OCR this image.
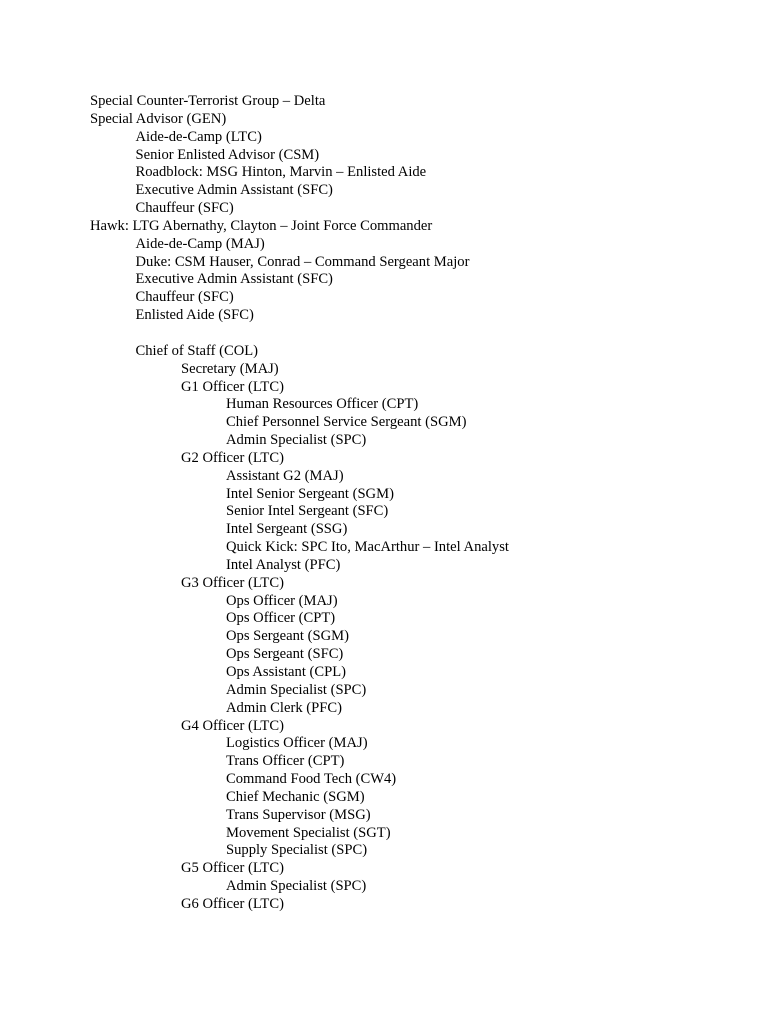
Special Counter-Terrorist Group – Delta
Special Advisor (GEN)
Aide-de-Camp (LTC)
Senior Enlisted Advisor (CSM)
Roadblock: MSG Hinton, Marvin – Enlisted Aide
Executive Admin Assistant (SFC)
Chauffeur (SFC)
Hawk: LTG Abernathy, Clayton – Joint Force Commander
Aide-de-Camp (MAJ)
Duke: CSM Hauser, Conrad – Command Sergeant Major
Executive Admin Assistant (SFC)
Chauffeur (SFC)
Enlisted Aide (SFC)
Chief of Staff (COL)
Secretary (MAJ)
G1 Officer (LTC)
Human Resources Officer (CPT)
Chief Personnel Service Sergeant (SGM)
Admin Specialist (SPC)
G2 Officer (LTC)
Assistant G2 (MAJ)
Intel Senior Sergeant (SGM)
Senior Intel Sergeant (SFC)
Intel Sergeant (SSG)
Quick Kick: SPC Ito, MacArthur – Intel Analyst
Intel Analyst (PFC)
G3 Officer (LTC)
Ops Officer (MAJ)
Ops Officer (CPT)
Ops Sergeant (SGM)
Ops Sergeant (SFC)
Ops Assistant (CPL)
Admin Specialist (SPC)
Admin Clerk (PFC)
G4 Officer (LTC)
Logistics Officer (MAJ)
Trans Officer (CPT)
Command Food Tech (CW4)
Chief Mechanic (SGM)
Trans Supervisor (MSG)
Movement Specialist (SGT)
Supply Specialist (SPC)
G5 Officer (LTC)
Admin Specialist (SPC)
G6 Officer (LTC)
